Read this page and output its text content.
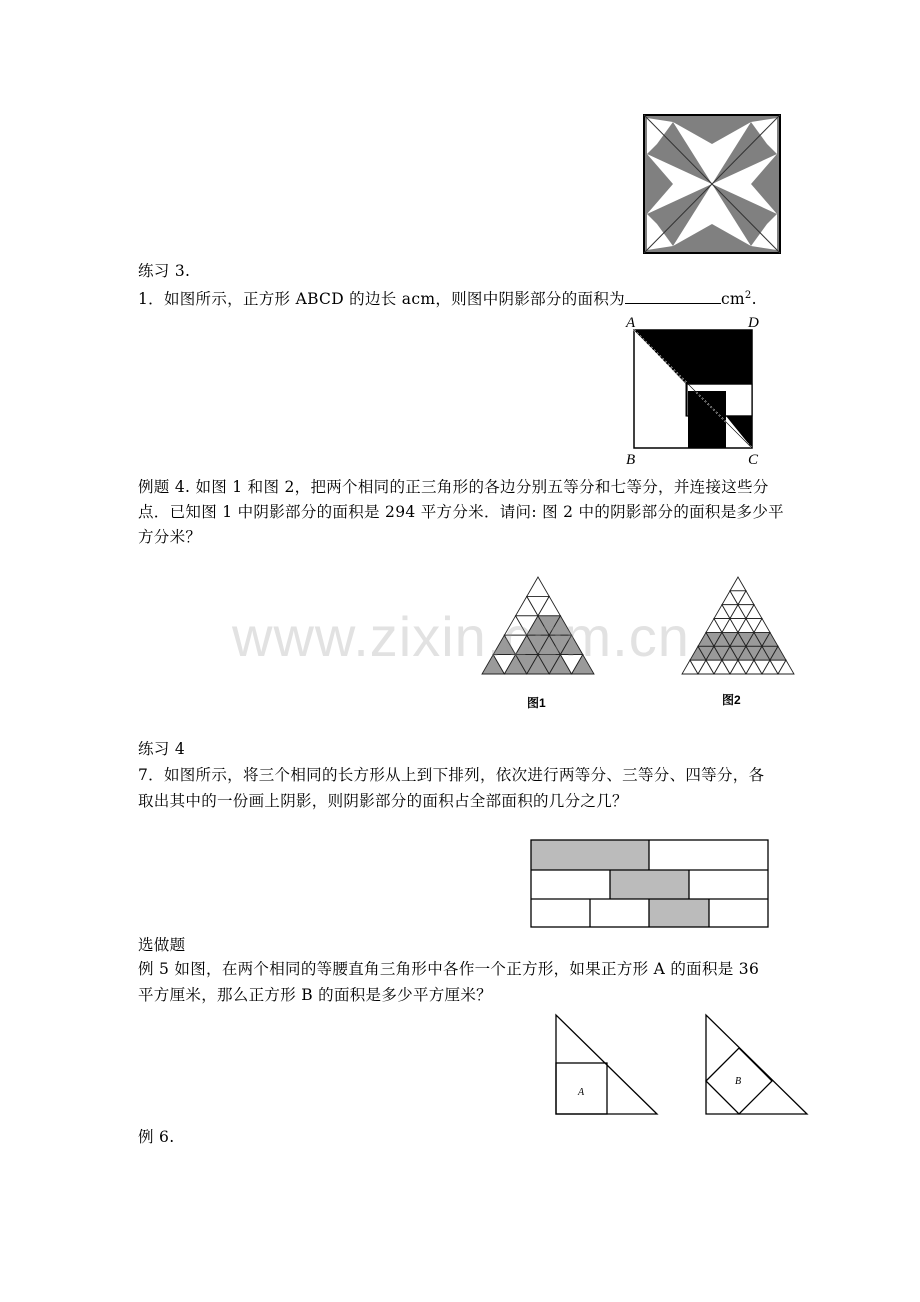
练习 3.
1．如图所示，正方形 ABCD 的边长 acm，则图中阴影部分的面积为	$cm^2$.
A
B	C
D
例题 4. 如图 1 和图 2，把两个相同的正三角形的各边分别五等分和七等分，并连接这些分
点．已知图 1 中阴影部分的面积是 294 平方分米．请问: 图 2 中的阴影部分的面积是多少平
方分米？
图1	图2
www.zixin.com.cn
练习 4
7．如图所示，将三个相同的长方形从上到下排列，依次进行两等分、三等分、四等分，各
取出其中的一份画上阴影，则阴影部分的面积占全部面积的几分之几？
选做题
例 5 如图，在两个相同的等腰直角三角形中各作一个正方形，如果正方形 A 的面积是 36
平方厘米，那么正方形 B 的面积是多少平方厘米？
A
B
例 6.
